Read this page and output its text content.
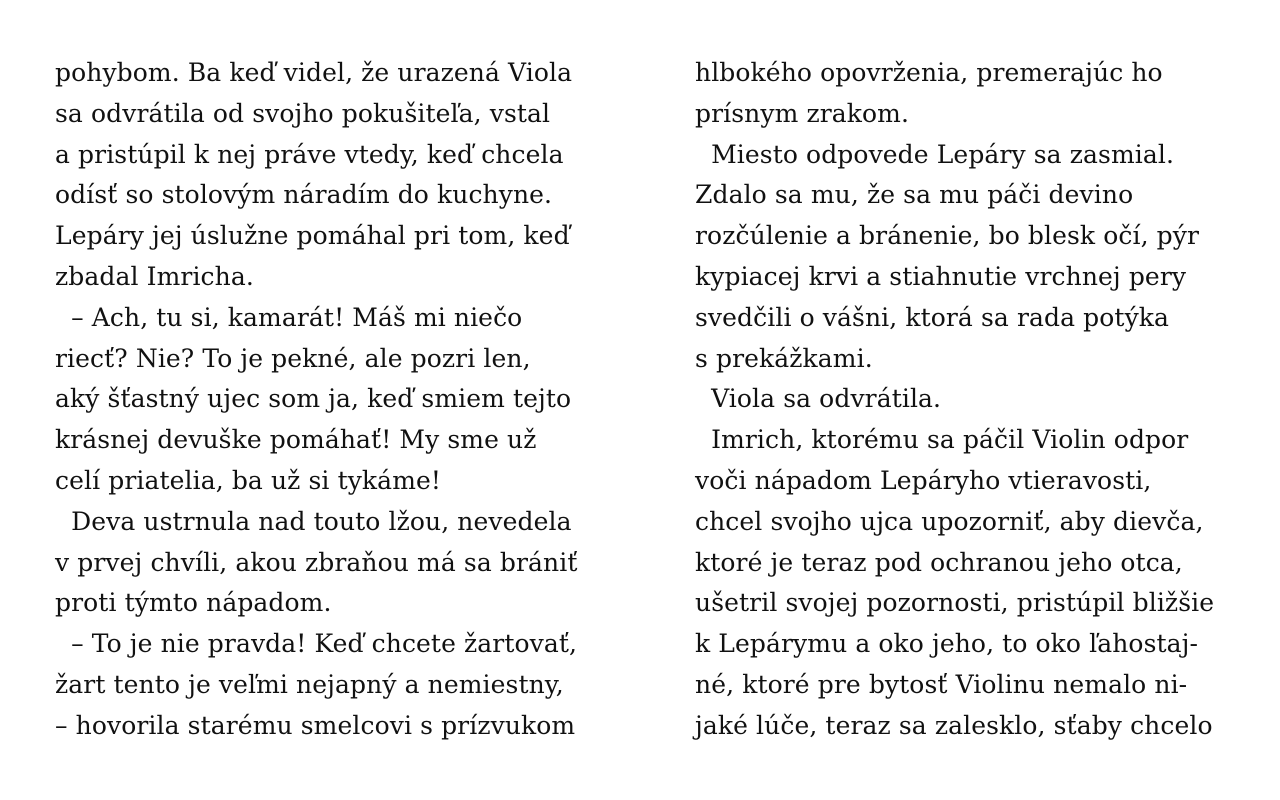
pohybom. Ba keď videl, že urazená Viola
sa odvrátila od svojho pokušiteľa, vstal
a pristúpil k nej práve vtedy, keď chcela
odísť so stolovým náradím do kuchyne.
Lepáry jej úslužne pomáhal pri tom, keď
zbadal Imricha.
– Ach, tu si, kamarát! Máš mi niečo
riecť? Nie? To je pekné, ale pozri len,
aký šťastný ujec som ja, keď smiem tejto
krásnej devuške pomáhať! My sme už
celí priatelia, ba už si tykáme!
Deva ustrnula nad touto lžou, nevedela
v prvej chvíli, akou zbraňou má sa brániť
proti týmto nápadom.
– To je nie pravda! Keď chcete žartovať,
žart tento je veľmi nejapný a nemiestny,
– hovorila starému smelcovi s prízvukom
hlbokého opovrženia, premerajúc ho
prísnym zrakom.
Miesto odpovede Lepáry sa zasmial.
Zdalo sa mu, že sa mu páči devino
rozčúlenie a bránenie, bo blesk očí, pýr
kypiacej krvi a stiahnutie vrchnej pery
svedčili o vášni, ktorá sa rada potýka
s prekážkami.
Viola sa odvrátila.
Imrich, ktorému sa páčil Violin odpor
voči nápadom Lepáryho vtieravosti,
chcel svojho ujca upozorniť, aby dievča,
ktoré je teraz pod ochranou jeho otca,
ušetril svojej pozornosti, pristúpil bližšie
k Lepárymu a oko jeho, to oko ľahostaj-
né, ktoré pre bytosť Violinu nemalo ni-
jaké lúče, teraz sa zalesklo, sťaby chcelo
